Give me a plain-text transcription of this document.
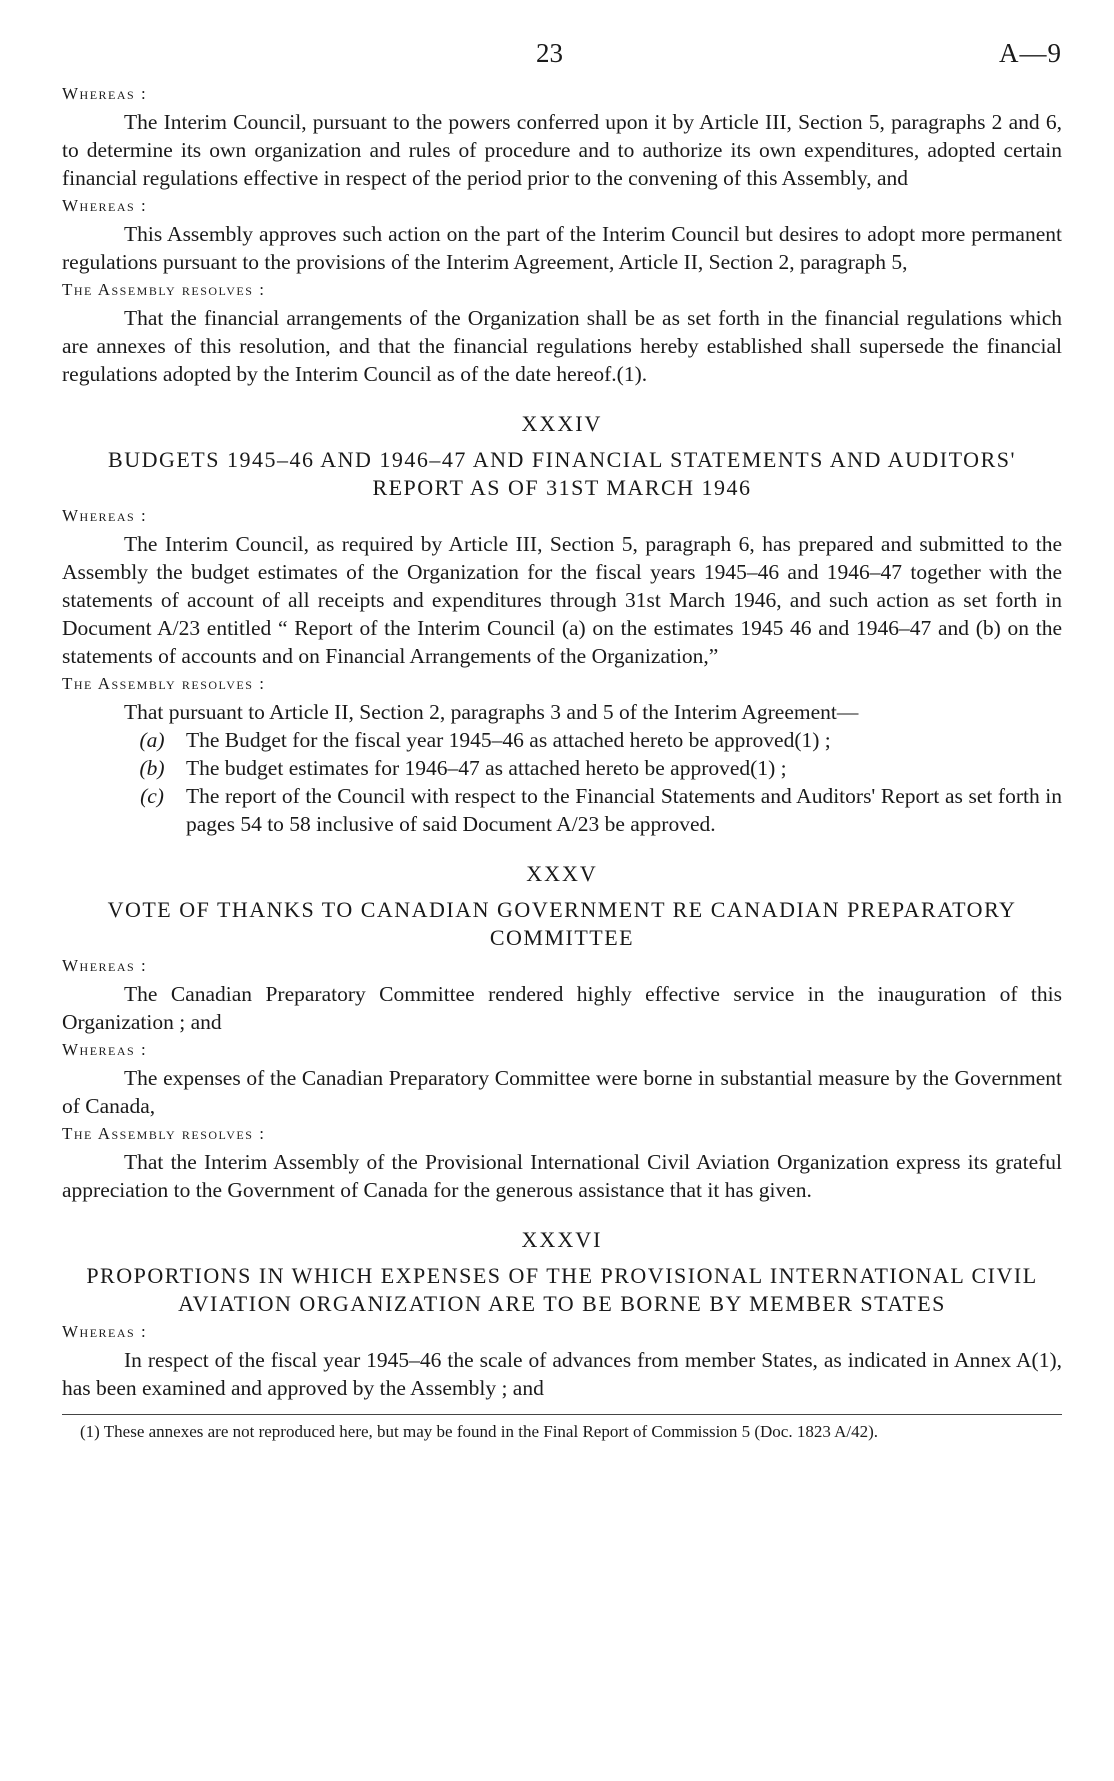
23	A—9

Whereas :

The Interim Council, pursuant to the powers conferred upon it by Article III, Section 5, paragraphs 2 and 6, to determine its own organization and rules of procedure and to authorize its own expenditures, adopted certain financial regulations effective in respect of the period prior to the convening of this Assembly, and

Whereas :

This Assembly approves such action on the part of the Interim Council but desires to adopt more permanent regulations pursuant to the provisions of the Interim Agreement, Article II, Section 2, paragraph 5,

The Assembly resolves :

That the financial arrangements of the Organization shall be as set forth in the financial regulations which are annexes of this resolution, and that the financial regulations hereby established shall supersede the financial regulations adopted by the Interim Council as of the date hereof.(1).

XXXIV
BUDGETS 1945–46 AND 1946–47 AND FINANCIAL STATEMENTS AND AUDITORS' REPORT AS OF 31ST MARCH 1946

Whereas :

The Interim Council, as required by Article III, Section 5, paragraph 6, has prepared and submitted to the Assembly the budget estimates of the Organization for the fiscal years 1945–46 and 1946–47 together with the statements of account of all receipts and expenditures through 31st March 1946, and such action as set forth in Document A/23 entitled “ Report of the Interim Council (a) on the estimates 1945 46 and 1946–47 and (b) on the statements of accounts and on Financial Arrangements of the Organization,”

The Assembly resolves :

That pursuant to Article II, Section 2, paragraphs 3 and 5 of the Interim Agreement—

(a) The Budget for the fiscal year 1945–46 as attached hereto be approved(1) ;
(b) The budget estimates for 1946–47 as attached hereto be approved(1) ;
(c)	The report of the Council with respect to the Financial Statements and Auditors' Report as set forth in pages 54 to 58 inclusive of said Document A/23 be approved.
XXXV
VOTE OF THANKS TO CANADIAN GOVERNMENT RE CANADIAN PREPARATORY COMMITTEE

Whereas :

The Canadian Preparatory Committee rendered highly effective service in the inauguration of this Organization ; and

Whereas :

The expenses of the Canadian Preparatory Committee were borne in substantial measure by the Government of Canada,

The Assembly resolves :

That the Interim Assembly of the Provisional International Civil Aviation Organization express its grateful appreciation to the Government of Canada for the generous assistance that it has given.

XXXVI
PROPORTIONS IN WHICH EXPENSES OF THE PROVISIONAL INTERNATIONAL CIVIL AVIATION ORGANIZATION ARE TO BE BORNE BY MEMBER STATES

Whereas :

In respect of the fiscal year 1945–46 the scale of advances from member States, as indicated in Annex A(1), has been examined and approved by the Assembly ; and

(1) These annexes are not reproduced here, but may be found in the Final Report of Commission 5 (Doc. 1823 A/42).
